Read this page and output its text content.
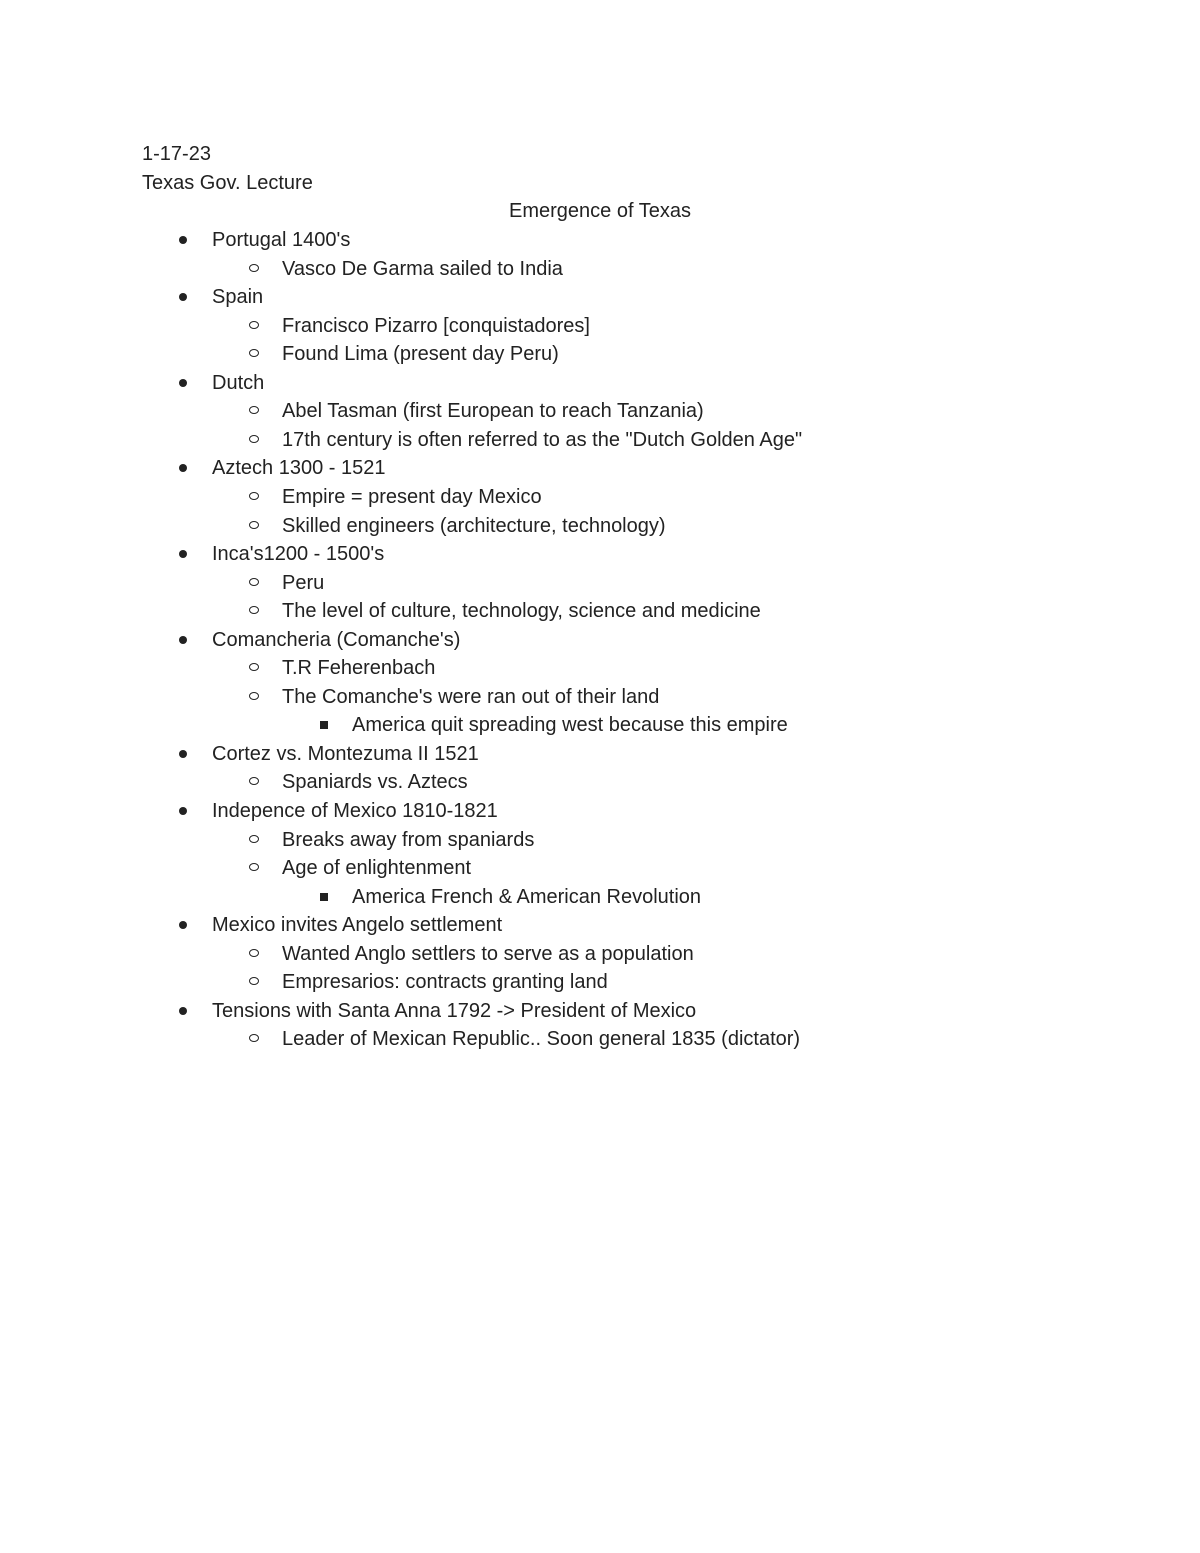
1-17-23
Texas Gov. Lecture
Emergence of Texas
Portugal 1400's
Vasco De Garma sailed to India
Spain
Francisco Pizarro [conquistadores]
Found Lima (present day Peru)
Dutch
Abel Tasman (first European to reach Tanzania)
17th century is often referred to as the "Dutch Golden Age"
Aztech 1300 - 1521
Empire = present day Mexico
Skilled engineers (architecture, technology)
Inca's1200 - 1500's
Peru
The level of culture, technology, science and medicine
Comancheria (Comanche's)
T.R Feherenbach
The Comanche's were ran out of their land
America quit spreading west because this empire
Cortez vs. Montezuma II 1521
Spaniards vs. Aztecs
Indepence of Mexico 1810-1821
Breaks away from spaniards
Age of enlightenment
America French & American Revolution
Mexico invites Angelo settlement
Wanted Anglo settlers to serve as a population
Empresarios: contracts granting land
Tensions with Santa Anna 1792 -> President of Mexico
Leader of Mexican Republic.. Soon general 1835 (dictator)
